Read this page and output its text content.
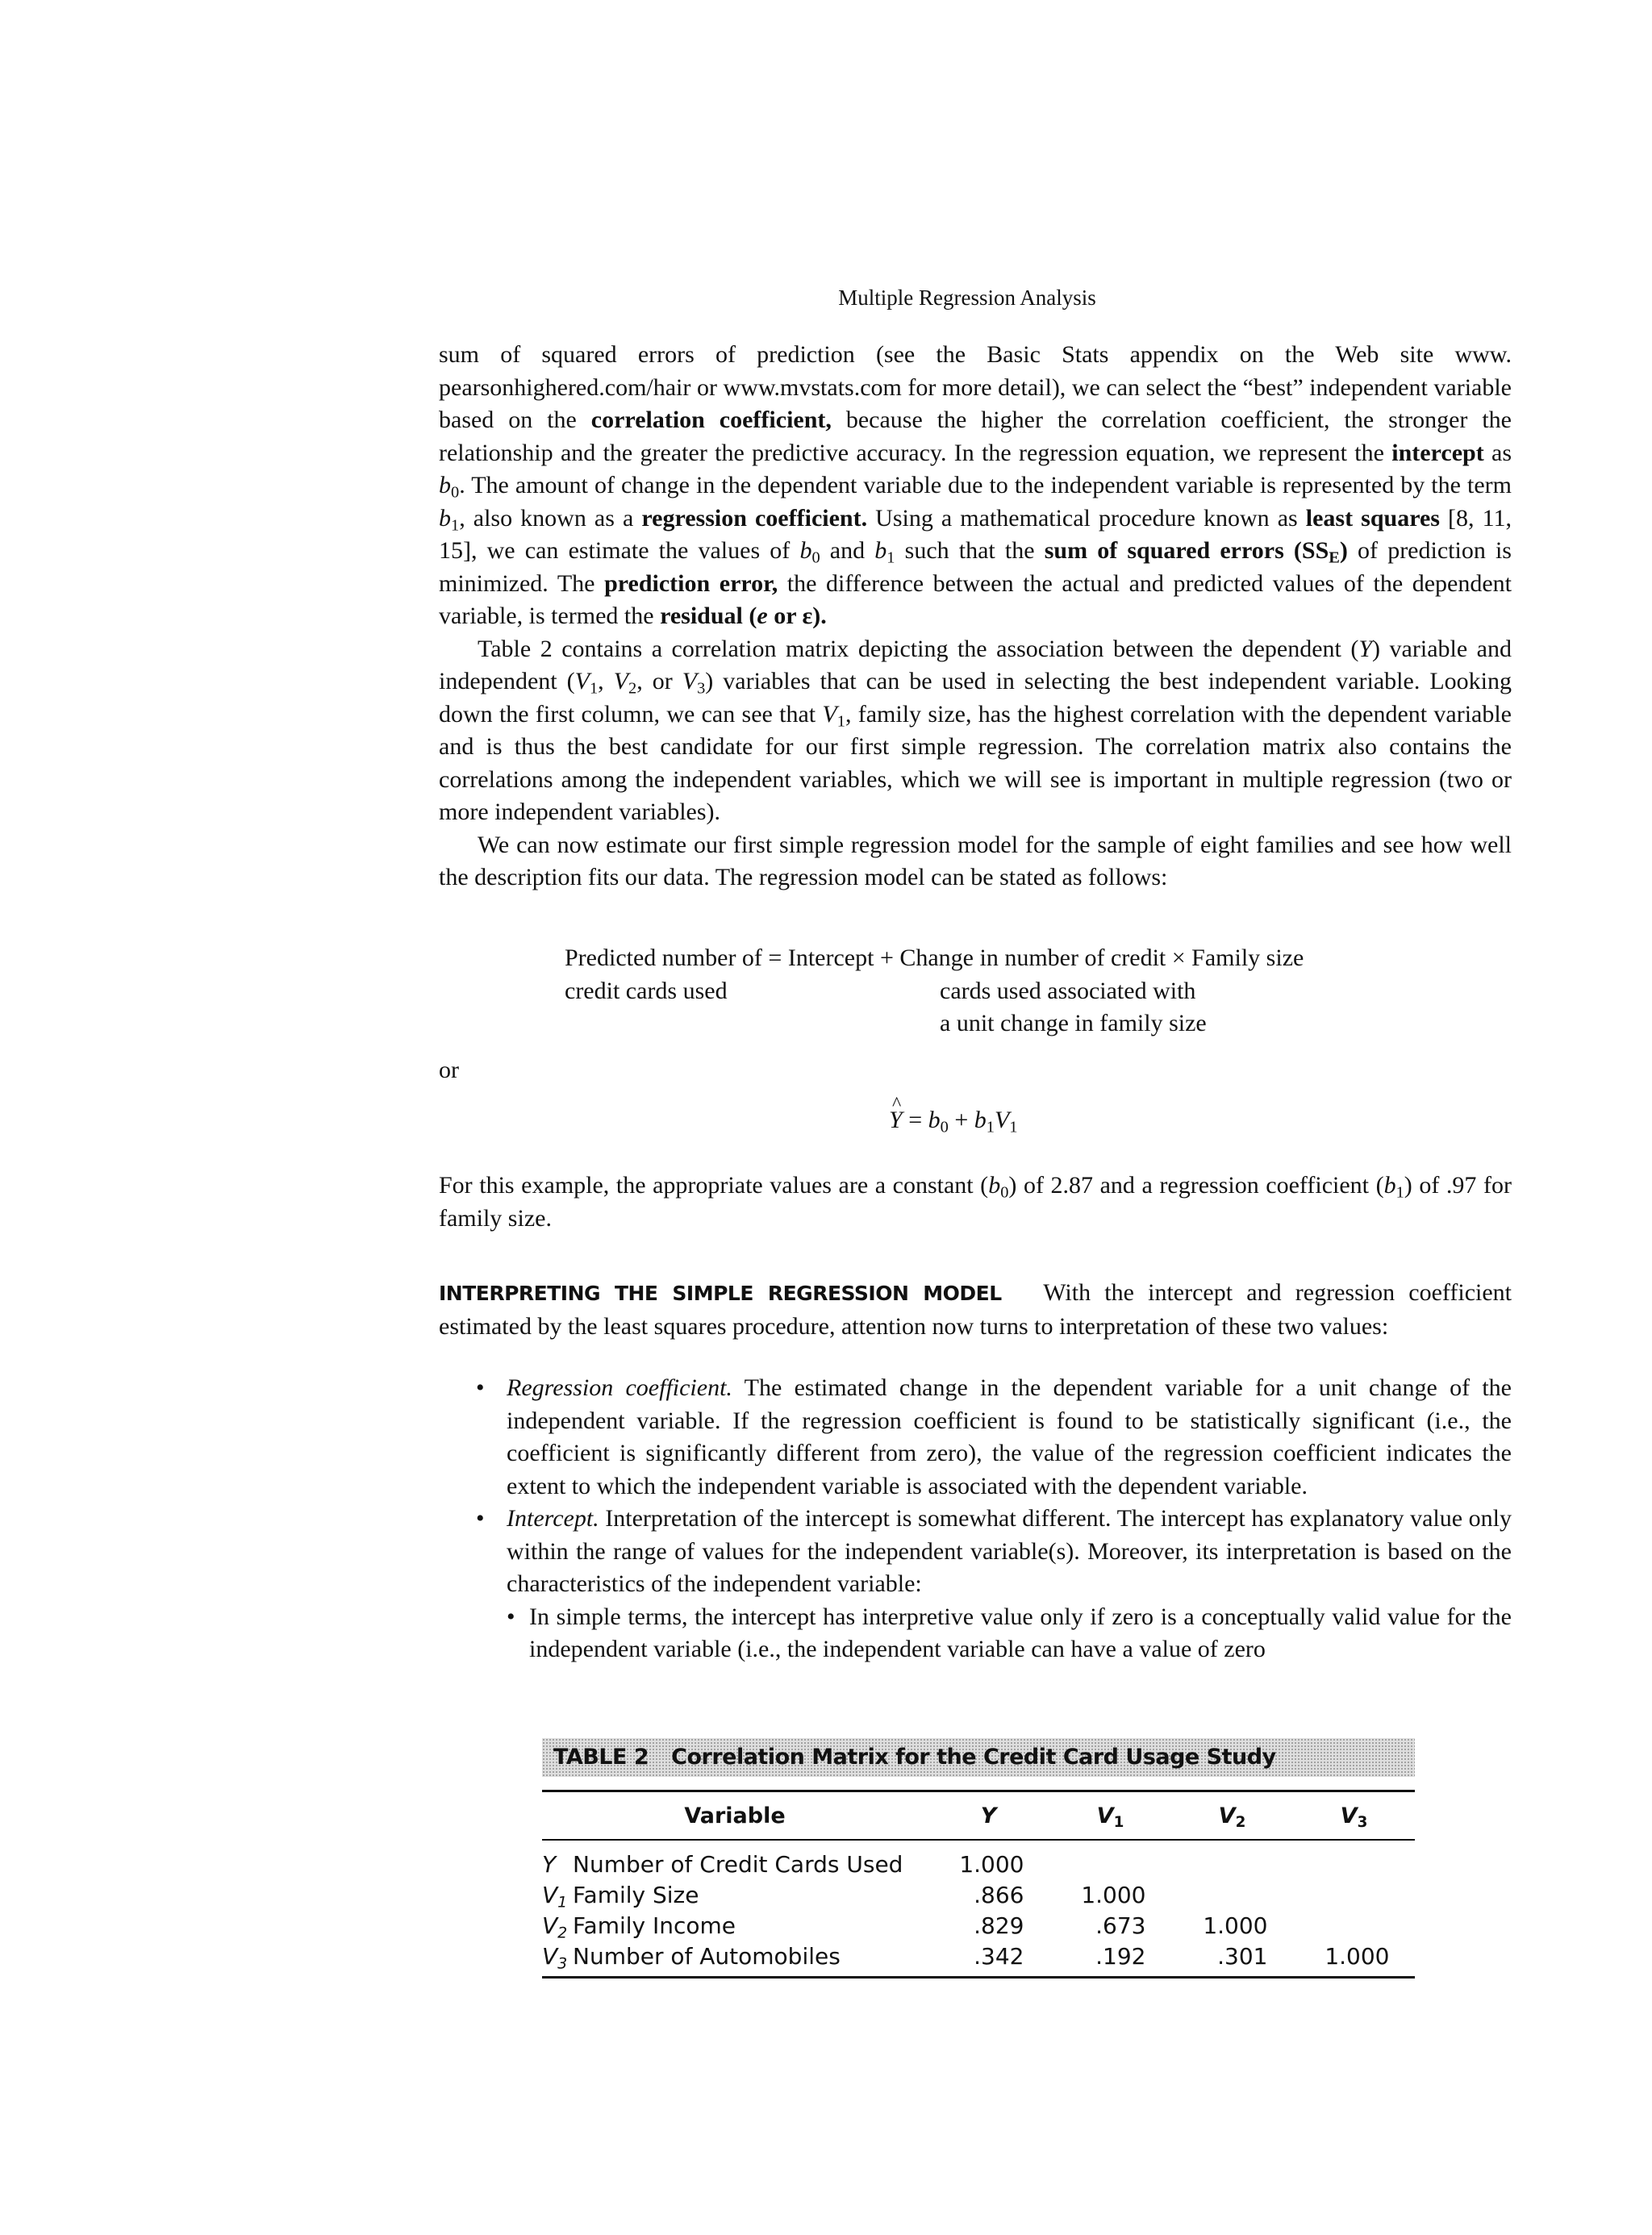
Multiple Regression Analysis

sum of squared errors of prediction (see the Basic Stats appendix on the Web site www. pearsonhighered.com/hair or www.mvstats.com for more detail), we can select the “best” independent variable based on the correlation coefficient, because the higher the correlation coefficient, the stronger the relationship and the greater the predictive accuracy. In the regression equation, we represent the intercept as $b_0$. The amount of change in the dependent variable due to the independent variable is represented by the term $b_1$, also known as a regression coefficient. Using a mathematical procedure known as least squares [8, 11, 15], we can estimate the values of $b_0$ and $b_1$ such that the sum of squared errors $(SS_E)$ of prediction is minimized. The prediction error, the difference between the actual and predicted values of the dependent variable, is termed the residual (e or ε).

Table 2 contains a correlation matrix depicting the association between the dependent (Y) variable and independent ($V_1$, $V_2$, or $V_3$) variables that can be used in selecting the best independent variable. Looking down the first column, we can see that $V_1$, family size, has the highest correlation with the dependent variable and is thus the best candidate for our first simple regression. The correlation matrix also contains the correlations among the independent variables, which we will see is important in multiple regression (two or more independent variables).

We can now estimate our first simple regression model for the sample of eight families and see how well the description fits our data. The regression model can be stated as follows:

Predicted number of = Intercept + Change in number of credit × Family size
credit cards used	cards used associated with
a unit change in family size
or
^ $Y = b_0 + b_1V_1$

For this example, the appropriate values are a constant $(b_0)$ of 2.87 and a regression coefficient $(b_1)$ of .97 for family size.

INTERPRETING THE SIMPLE REGRESSION MODEL With the intercept and regression coefficient estimated by the least squares procedure, attention now turns to interpretation of these two values:

• Regression coefficient. The estimated change in the dependent variable for a unit change of the independent variable. If the regression coefficient is found to be statistically significant (i.e., the coefficient is significantly different from zero), the value of the regression coefficient indicates the extent to which the independent variable is associated with the dependent variable.
• Intercept. Interpretation of the intercept is somewhat different. The intercept has explanatory value only within the range of values for the independent variable(s). Moreover, its interpretation is based on the characteristics of the independent variable:
• In simple terms, the intercept has interpretive value only if zero is a conceptually valid value for the independent variable (i.e., the independent variable can have a value of zero
TABLE 2 Correlation Matrix for the Credit Card Usage Study
Variable	Y	$V_1$	$V_2$	$V_3$
Y Number of Credit Cards Used	1.000			
$V_1$ Family Size	.866	1.000		
$V_2$ Family Income	.829	.673	1.000	
$V_3$ Number of Automobiles	.342	.192	.301	1.000
